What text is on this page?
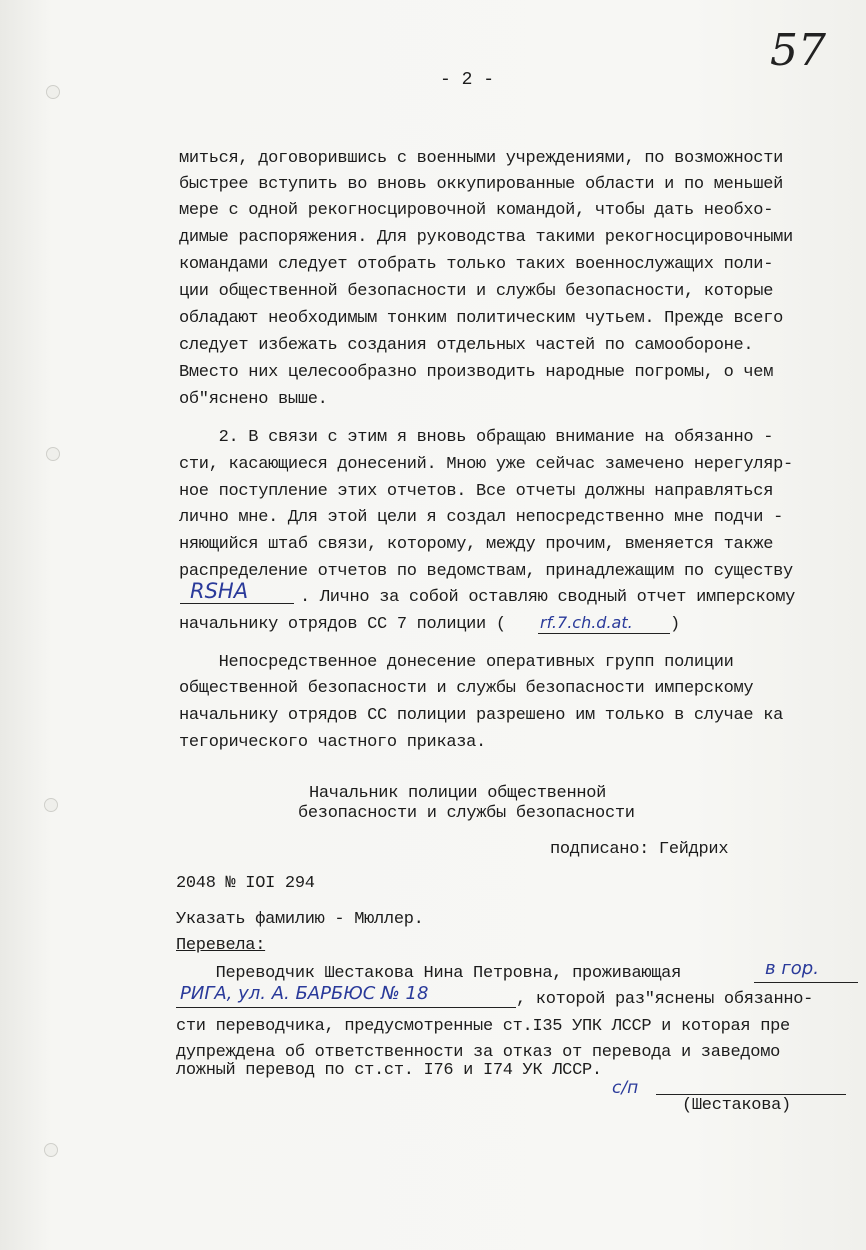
- 2 -
57
миться, договорившись с военными учреждениями, по возможности
быстрее вступить во вновь оккупированные области и по меньшей
мере с одной рекогносцировочной командой, чтобы дать необхо-
димые распоряжения. Для руководства такими рекогносцировочными
командами следует отобрать только таких военнослужащих поли-
ции общественной безопасности и службы безопасности, которые
обладают необходимым тонким политическим чутьем. Прежде всего
следует избежать создания отдельных частей по самообороне.
Вместо них целесообразно производить народные погромы, о чем
об"яснено выше.
2. В связи с этим я вновь обращаю внимание на обязанно -
сти, касающиеся донесений. Мною уже сейчас замечено нерегуляр-
ное поступление этих отчетов. Все отчеты должны направляться
лично мне. Для этой цели я создал непосредственно мне подчи -
няющийся штаб связи, которому, между прочим, вменяется также
распределение отчетов по ведомствам, принадлежащим по существу
RSHA	. Лично за собой оставляю сводный отчет имперскому
начальнику отрядов СС 7 полиции ( rf.7.ch.d.at. )
Непосредственное донесение оперативных групп полиции
общественной безопасности и службы безопасности имперскому
начальнику отрядов СС полиции разрешено им только в случае ка
тегорического частного приказа.
Начальник полиции общественной
безопасности и службы безопасности
подписано: Гейдрих
2048 № IOI 294
Указать фамилию - Мюллер.
Перевела:
Переводчик Шестакова Нина Петровна, проживающая	в гор.
РИГА, ул. А. БАРБЮС № 18	, которой раз"яснены обязанно-
сти переводчика, предусмотренные ст.I35 УПК ЛССР и которая пре
дупреждена об ответственности за отказ от перевода и заведомо
ложный перевод по ст.ст. I76 и I74 УК ЛССР.
с/п
(Шестакова)
